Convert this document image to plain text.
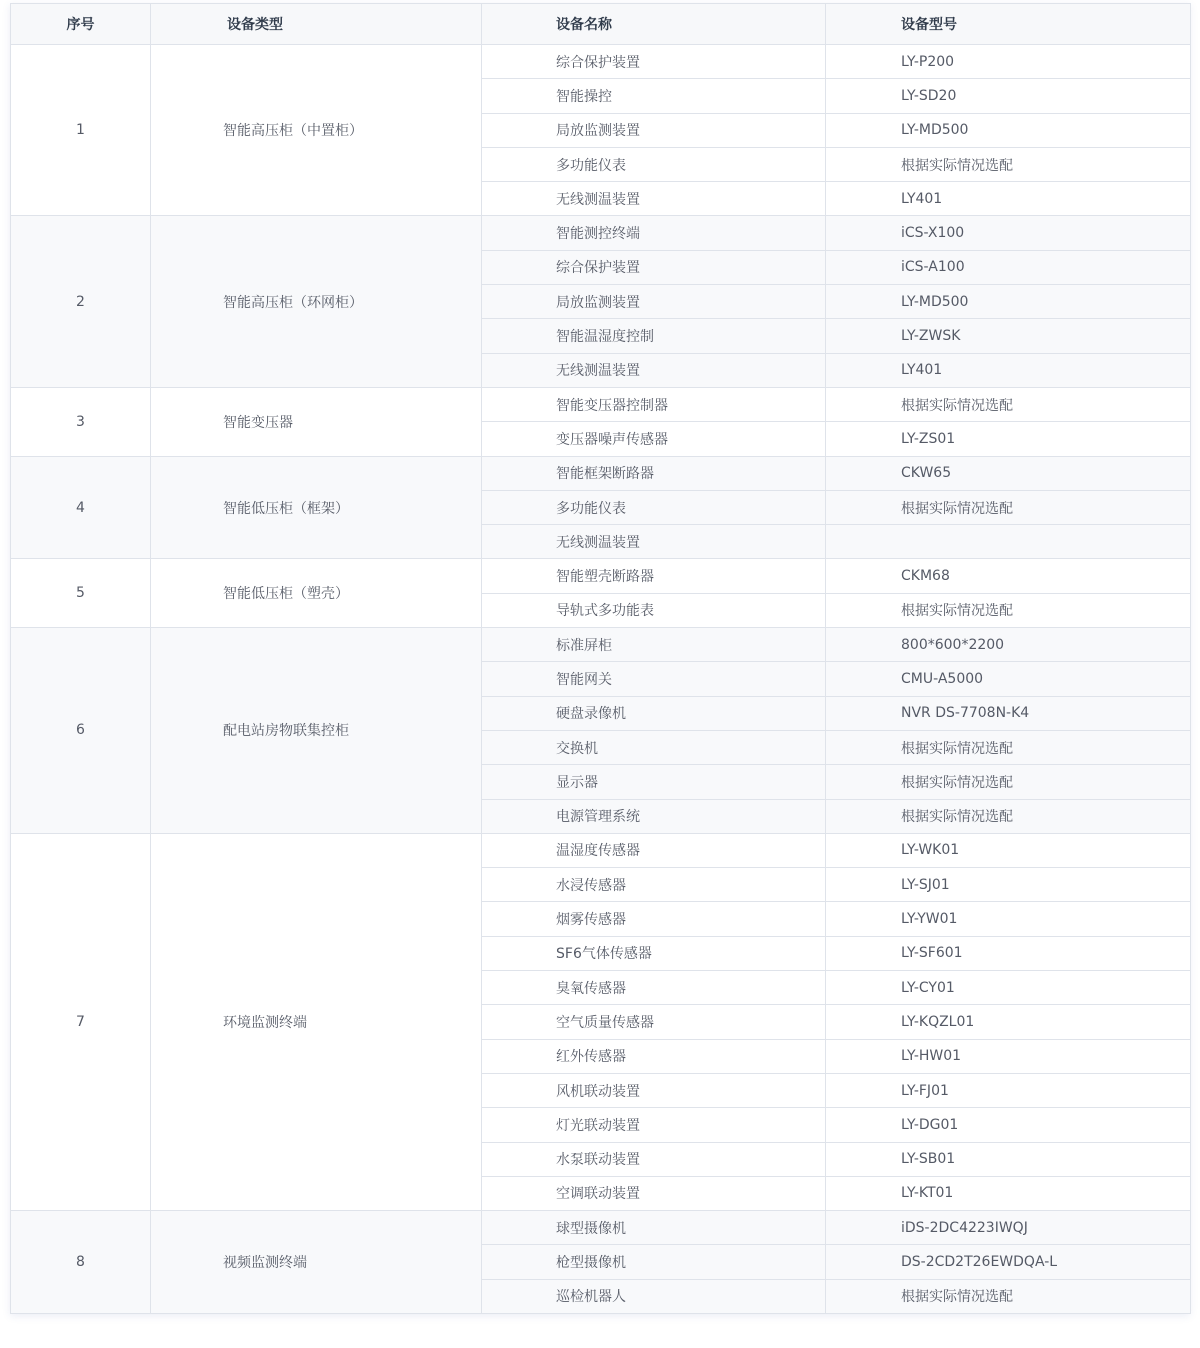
序号	设备类型	设备名称	设备型号
1	智能高压柜（中置柜）	综合保护装置	LY-P200
		智能操控	LY-SD20
		局放监测装置	LY-MD500
		多功能仪表	根据实际情况选配
		无线测温装置	LY401
2	智能高压柜（环网柜）	智能测控终端	iCS-X100
		综合保护装置	iCS-A100
		局放监测装置	LY-MD500
		智能温湿度控制	LY-ZWSK
		无线测温装置	LY401
3	智能变压器	智能变压器控制器	根据实际情况选配
		变压器噪声传感器	LY-ZS01
4	智能低压柜（框架）	智能框架断路器	CKW65
		多功能仪表	根据实际情况选配
		无线测温装置	
5	智能低压柜（塑壳）	智能塑壳断路器	CKM68
		导轨式多功能表	根据实际情况选配
6	配电站房物联集控柜	标准屏柜	800*600*2200
		智能网关	CMU-A5000
		硬盘录像机	NVR DS-7708N-K4
		交换机	根据实际情况选配
		显示器	根据实际情况选配
		电源管理系统	根据实际情况选配
7	环境监测终端	温湿度传感器	LY-WK01
		水浸传感器	LY-SJ01
		烟雾传感器	LY-YW01
		SF6气体传感器	LY-SF601
		臭氧传感器	LY-CY01
		空气质量传感器	LY-KQZL01
		红外传感器	LY-HW01
		风机联动装置	LY-FJ01
		灯光联动装置	LY-DG01
		水泵联动装置	LY-SB01
		空调联动装置	LY-KT01
8	视频监测终端	球型摄像机	iDS-2DC4223IWQJ
		枪型摄像机	DS-2CD2T26EWDQA-L
		巡检机器人	根据实际情况选配
